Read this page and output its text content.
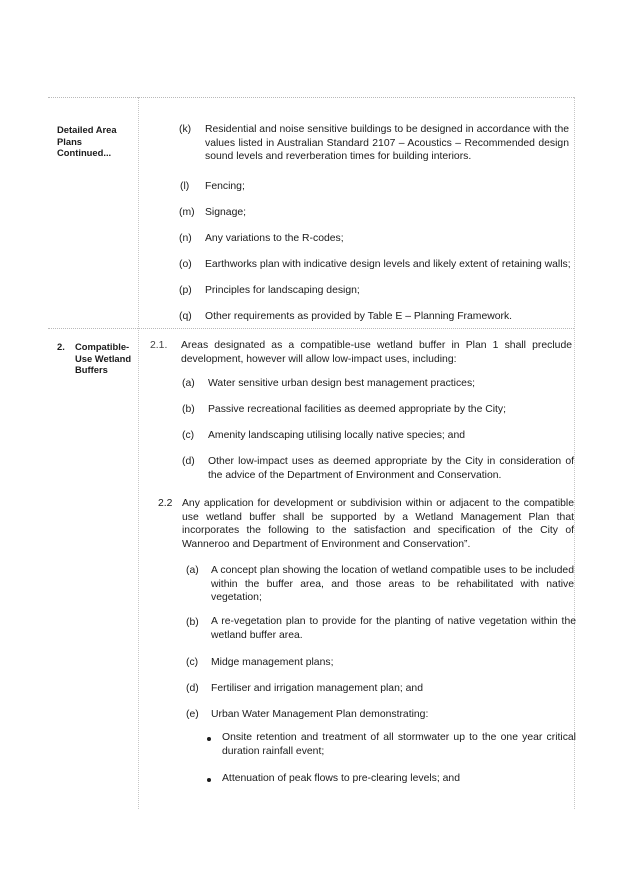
Detailed Area Plans Continued...
(k)	Residential and noise sensitive buildings to be designed in accordance with the values listed in Australian Standard 2107 – Acoustics – Recommended design sound levels and reverberation times for building interiors.
(l)	Fencing;
(m)	Signage;
(n)	Any variations to the R-codes;
(o)	Earthworks plan with indicative design levels and likely extent of retaining walls;
(p)	Principles for landscaping design;
(q)	Other requirements as provided by Table E – Planning Framework.
2. Compatible-Use Wetland Buffers
2.1. Areas designated as a compatible-use wetland buffer in Plan 1 shall preclude development, however will allow low-impact uses, including:
(a)	Water sensitive urban design best management practices;
(b)	Passive recreational facilities as deemed appropriate by the City;
(c)	Amenity landscaping utilising locally native species; and
(d)	Other low-impact uses as deemed appropriate by the City in consideration of the advice of the Department of Environment and Conservation.
2.2 Any application for development or subdivision within or adjacent to the compatible use wetland buffer shall be supported by a Wetland Management Plan that incorporates the following to the satisfaction and specification of the City of Wanneroo and Department of Environment and Conservation”.
(a)	A concept plan showing the location of wetland compatible uses to be included within the buffer area, and those areas to be rehabilitated with native vegetation;
(b)	A re-vegetation plan to provide for the planting of native vegetation within the wetland buffer area.
(c)	Midge management plans;
(d)	Fertiliser and irrigation management plan; and
(e)	Urban Water Management Plan demonstrating:
Onsite retention and treatment of all stormwater up to the one year critical duration rainfall event;
Attenuation of peak flows to pre-clearing levels; and
